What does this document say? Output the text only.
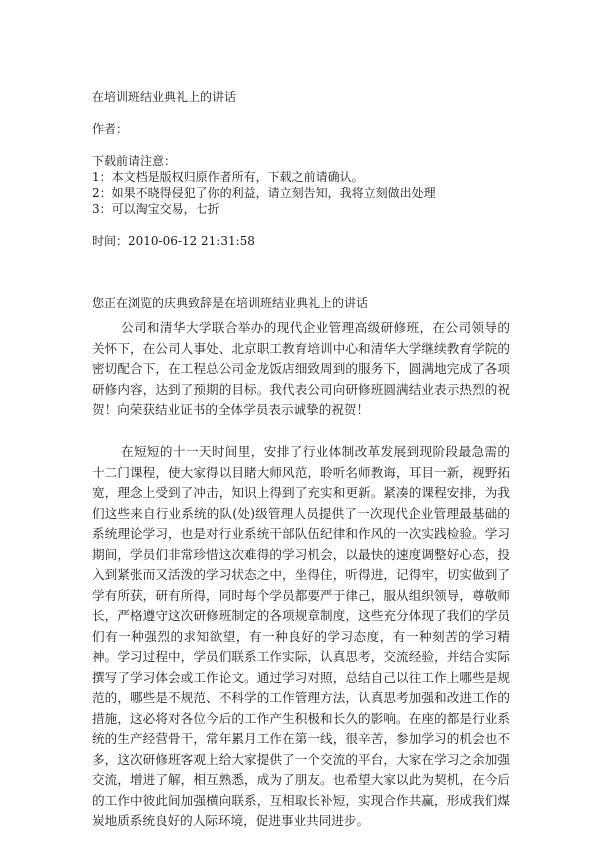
在培训班结业典礼上的讲话
作者：
下载前请注意：
1：本文档是版权归原作者所有，下载之前请确认。
2：如果不晓得侵犯了你的利益，请立刻告知，我将立刻做出处理
3：可以淘宝交易，七折
时间：2010-06-12 21:31:58
您正在浏览的庆典致辞是在培训班结业典礼上的讲话

公司和清华大学联合举办的现代企业管理高级研修班，在公司领导的关怀下，在公司人事处、北京职工教育培训中心和清华大学继续教育学院的密切配合下，在工程总公司金龙饭店细致周到的服务下，圆满地完成了各项研修内容，达到了预期的目标。我代表公司向研修班圆满结业表示热烈的祝贺！向荣获结业证书的全体学员表示诚挚的祝贺！

在短短的十一天时间里，安排了行业体制改革发展到现阶段最急需的十二门课程，使大家得以目睹大师风范，聆听名师教诲，耳目一新，视野拓宽，理念上受到了冲击，知识上得到了充实和更新。紧凑的课程安排，为我们这些来自行业系统的队(处)级管理人员提供了一次现代企业管理最基础的系统理论学习，也是对行业系统干部队伍纪律和作风的一次实践检验。学习期间，学员们非常珍惜这次难得的学习机会，以最快的速度调整好心态，投入到紧张而又活泼的学习状态之中，坐得住，听得进，记得牢，切实做到了学有所获，研有所得，同时每个学员都要严于律己，服从组织领导，尊敬师长，严格遵守这次研修班制定的各项规章制度，这些充分体现了我们的学员们有一种强烈的求知欲望，有一种良好的学习态度，有一种刻苦的学习精神。学习过程中，学员们联系工作实际，认真思考，交流经验，并结合实际撰写了学习体会或工作论文。通过学习对照，总结自己以往工作上哪些是规范的，哪些是不规范、不科学的工作管理方法，认真思考加强和改进工作的措施，这必将对各位今后的工作产生积极和长久的影响。在座的都是行业系统的生产经营骨干，常年累月工作在第一线，很辛苦，参加学习的机会也不多，这次研修班客观上给大家提供了一个交流的平台，大家在学习之余加强交流，增进了解，相互熟悉，成为了朋友。也希望大家以此为契机，在今后的工作中彼此间加强横向联系，互相取长补短，实现合作共赢，形成我们煤炭地质系统良好的人际环境，促进事业共同进步。
